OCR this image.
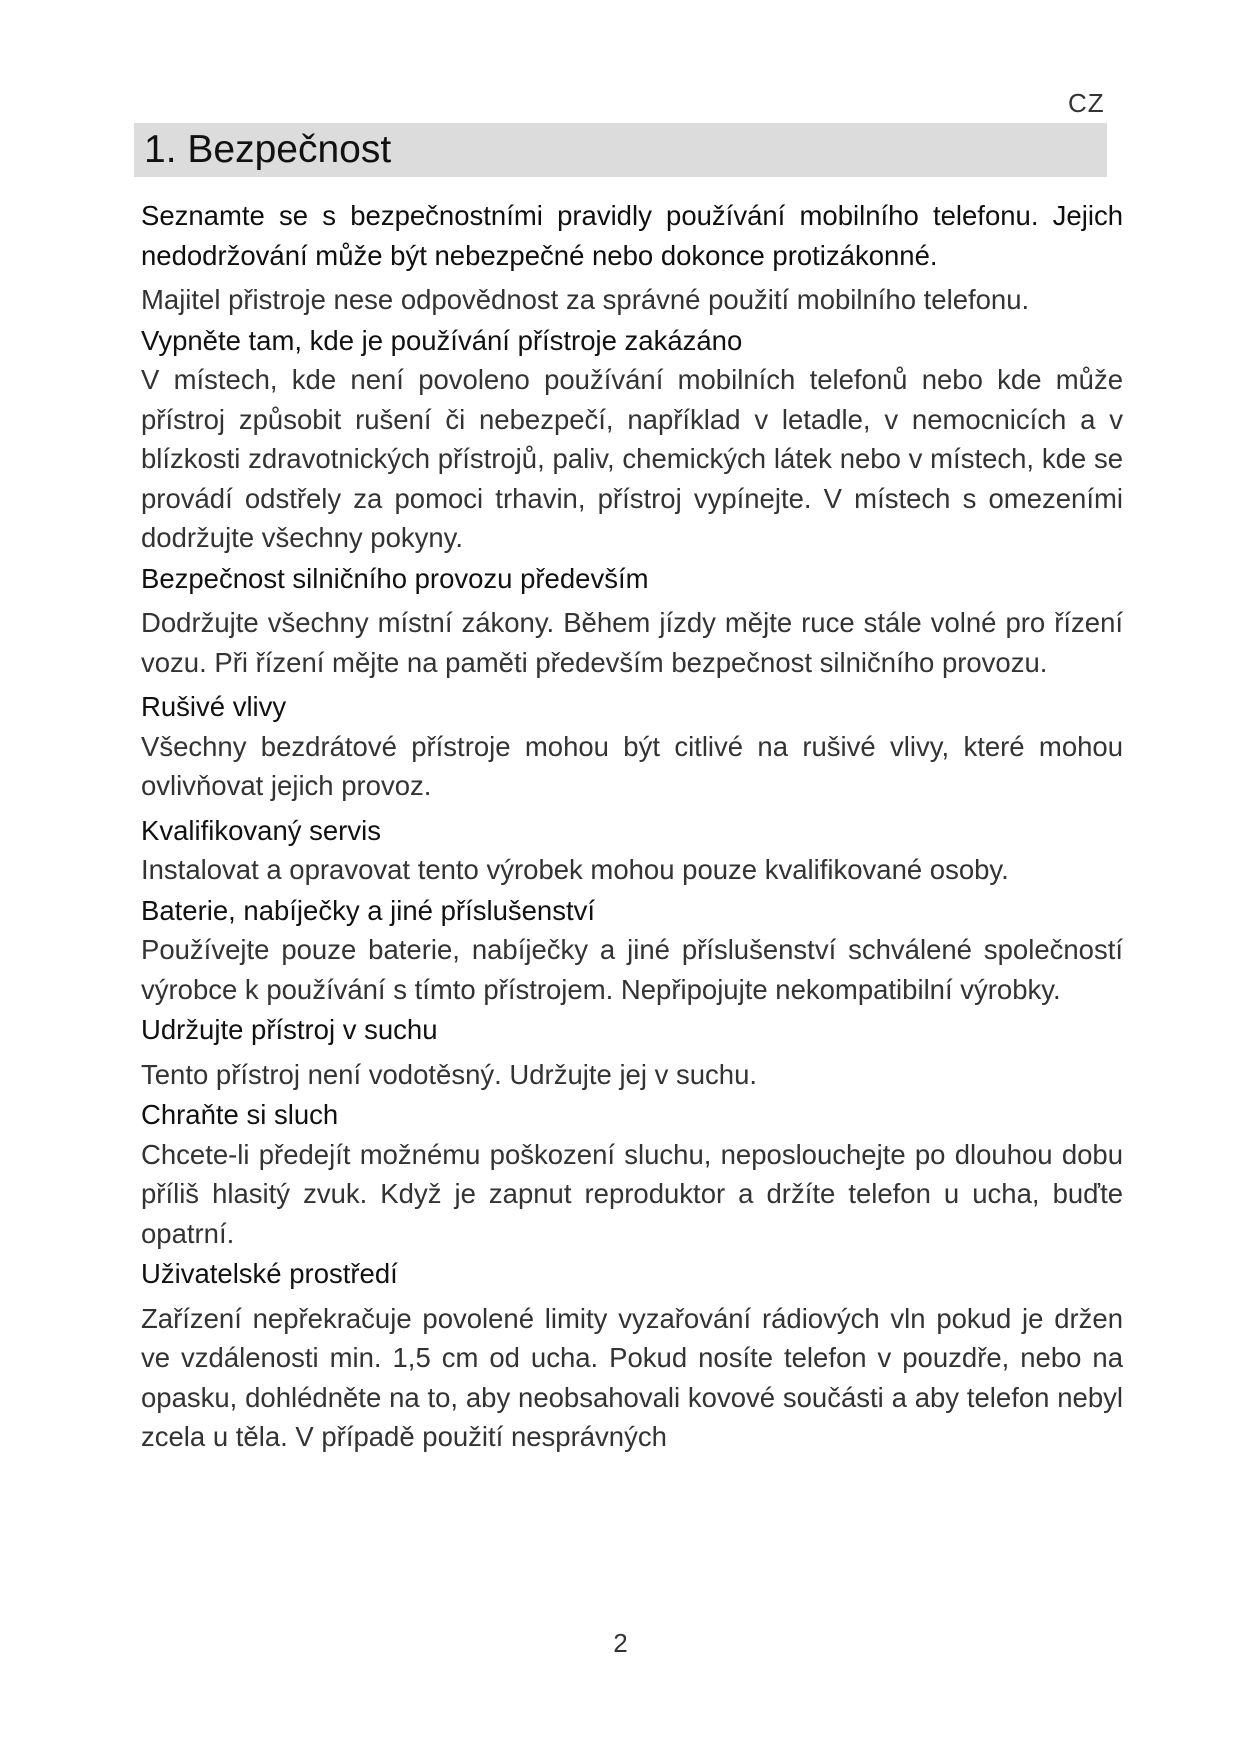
CZ
1. Bezpečnost

Seznamte se s bezpečnostními pravidly používání mobilního telefonu. Jejich nedodržování může být nebezpečné nebo dokonce protizákonné.

Majitel přistroje nese odpovědnost za správné použití mobilního telefonu.

Vypněte tam, kde je používání přístroje zakázáno

V místech, kde není povoleno používání mobilních telefonů nebo kde může přístroj způsobit rušení či nebezpečí, například v letadle, v nemocnicích a v blízkosti zdravotnických přístrojů, paliv, chemických látek nebo v místech, kde se provádí odstřely za pomoci trhavin, přístroj vypínejte. V místech s omezeními dodržujte všechny pokyny.

Bezpečnost silničního provozu především

Dodržujte všechny místní zákony. Během jízdy mějte ruce stále volné pro řízení vozu. Při řízení mějte na paměti především bezpečnost silničního provozu.

Rušivé vlivy

Všechny bezdrátové přístroje mohou být citlivé na rušivé vlivy, které mohou ovlivňovat jejich provoz.

Kvalifikovaný servis

Instalovat a opravovat tento výrobek mohou pouze kvalifikované osoby.

Baterie, nabíječky a jiné příslušenství

Používejte pouze baterie, nabíječky a jiné příslušenství schválené společností výrobce k používání s tímto přístrojem. Nepřipojujte nekompatibilní výrobky.

Udržujte přístroj v suchu

Tento přístroj není vodotěsný. Udržujte jej v suchu.

Chraňte si sluch

Chcete-li předejít možnému poškození sluchu, neposlouchejte po dlouhou dobu příliš hlasitý zvuk. Když je zapnut reproduktor a držíte telefon u ucha, buďte opatrní.

Uživatelské prostředí

Zařízení nepřekračuje povolené limity vyzařování rádiových vln pokud je držen ve vzdálenosti min. 1,5 cm od ucha. Pokud nosíte telefon v pouzdře, nebo na opasku, dohlédněte na to, aby neobsahovali kovové součásti a aby telefon nebyl zcela u těla. V případě použití nesprávných

2
